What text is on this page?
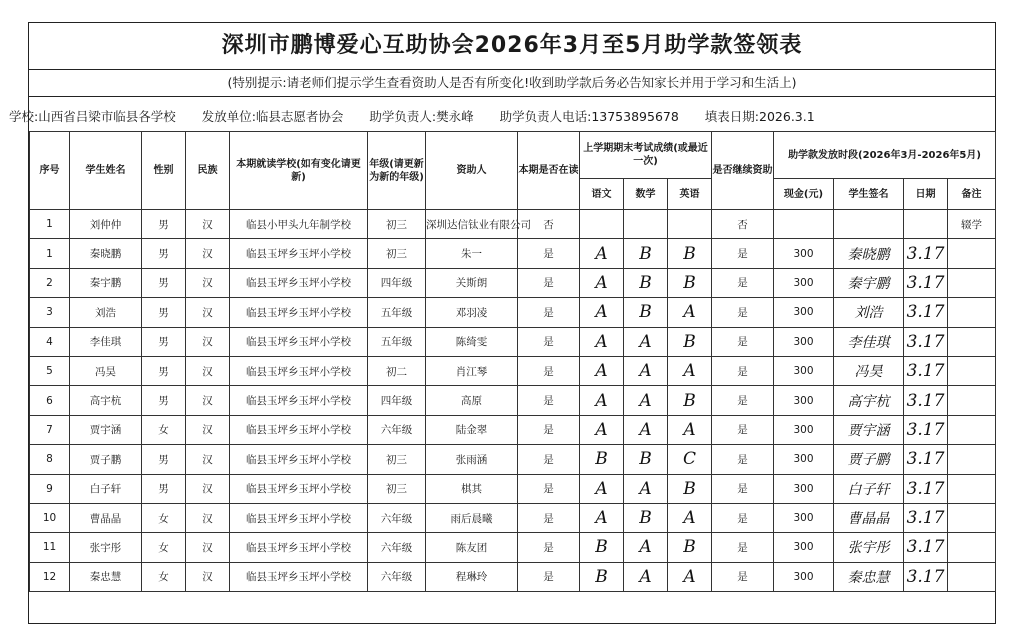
深圳市鹏博爱心互助协会2026年3月至5月助学款签领表
(特别提示:请老师们提示学生查看资助人是否有所变化!收到助学款后务必告知家长并用于学习和生活上)
学校:山西省吕梁市临县各学校 发放单位:临县志愿者协会 助学负责人:樊永峰 助学负责人电话:13753895678 填表日期:2026.3.1
序号	学生姓名	性别	民族	本期就读学校(如有变化请更新)	年级(请更新为新的年级)	资助人	本期是否在读	上学期期末考试成绩(或最近一次)			是否继续资助	助学款发放时段(2026年3月-2026年5月)			
								语文	数学	英语		现金(元)	学生签名	日期	备注
1	刘仲仲	男	汉	临县小甲头九年制学校	初三	深圳达信钛业有限公司	否				否				辍学
1	秦晓鹏	男	汉	临县玉坪乡玉坪小学校	初三	朱一	是	A	B	B	是	300	秦晓鹏	3.17	
2	秦宇鹏	男	汉	临县玉坪乡玉坪小学校	四年级	关斯朗	是	A	B	B	是	300	秦宇鹏	3.17	
3	刘浩	男	汉	临县玉坪乡玉坪小学校	五年级	邓羽凌	是	A	B	A	是	300	刘浩	3.17	
4	李佳琪	男	汉	临县玉坪乡玉坪小学校	五年级	陈绮雯	是	A	A	B	是	300	李佳琪	3.17	
5	冯昊	男	汉	临县玉坪乡玉坪小学校	初二	肖江琴	是	A	A	A	是	300	冯昊	3.17	
6	高宇杭	男	汉	临县玉坪乡玉坪小学校	四年级	高原	是	A	A	B	是	300	高宇杭	3.17	
7	贾宇涵	女	汉	临县玉坪乡玉坪小学校	六年级	陆金翠	是	A	A	A	是	300	贾宇涵	3.17	
8	贾子鹏	男	汉	临县玉坪乡玉坪小学校	初三	张雨涵	是	B	B	C	是	300	贾子鹏	3.17	
9	白子轩	男	汉	临县玉坪乡玉坪小学校	初三	棋其	是	A	A	B	是	300	白子轩	3.17	
10	曹晶晶	女	汉	临县玉坪乡玉坪小学校	六年级	雨后晨曦	是	A	B	A	是	300	曹晶晶	3.17	
11	张宇彤	女	汉	临县玉坪乡玉坪小学校	六年级	陈友团	是	B	A	B	是	300	张宇彤	3.17	
12	秦忠慧	女	汉	临县玉坪乡玉坪小学校	六年级	程琳玲	是	B	A	A	是	300	秦忠慧	3.17	
